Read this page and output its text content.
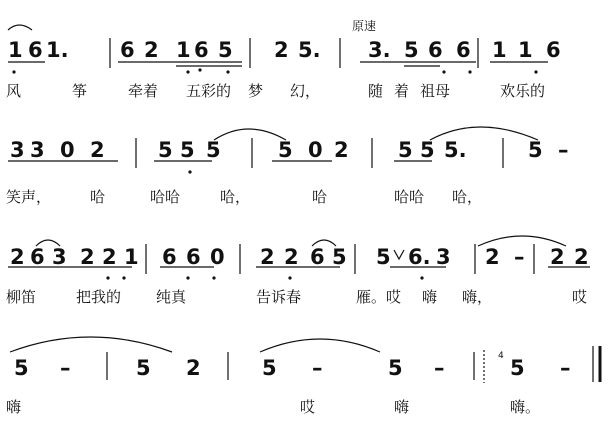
1 6 1. 6 2 1 6 5 2 5. 3. 5 6 6 1 1 6
3 3 0 2	5 5 5	5 0 2 5 5 5.	5 –
2 6 3 2 2 1 6 6 0 2 2 6 5 5 6. 3 2 – 2 2
5 –	5 2	5 –	5 –	5 –
风	筝	牵着 五彩的 梦 幻，	随 着 祖母	欢乐的
笑声，	哈	哈哈	哈，	哈	哈哈 哈，
柳笛	把我的 纯真	告诉春	雁。哎 嗨 嗨，	哎
嗨	哎	嗨	嗨。
原速
4
